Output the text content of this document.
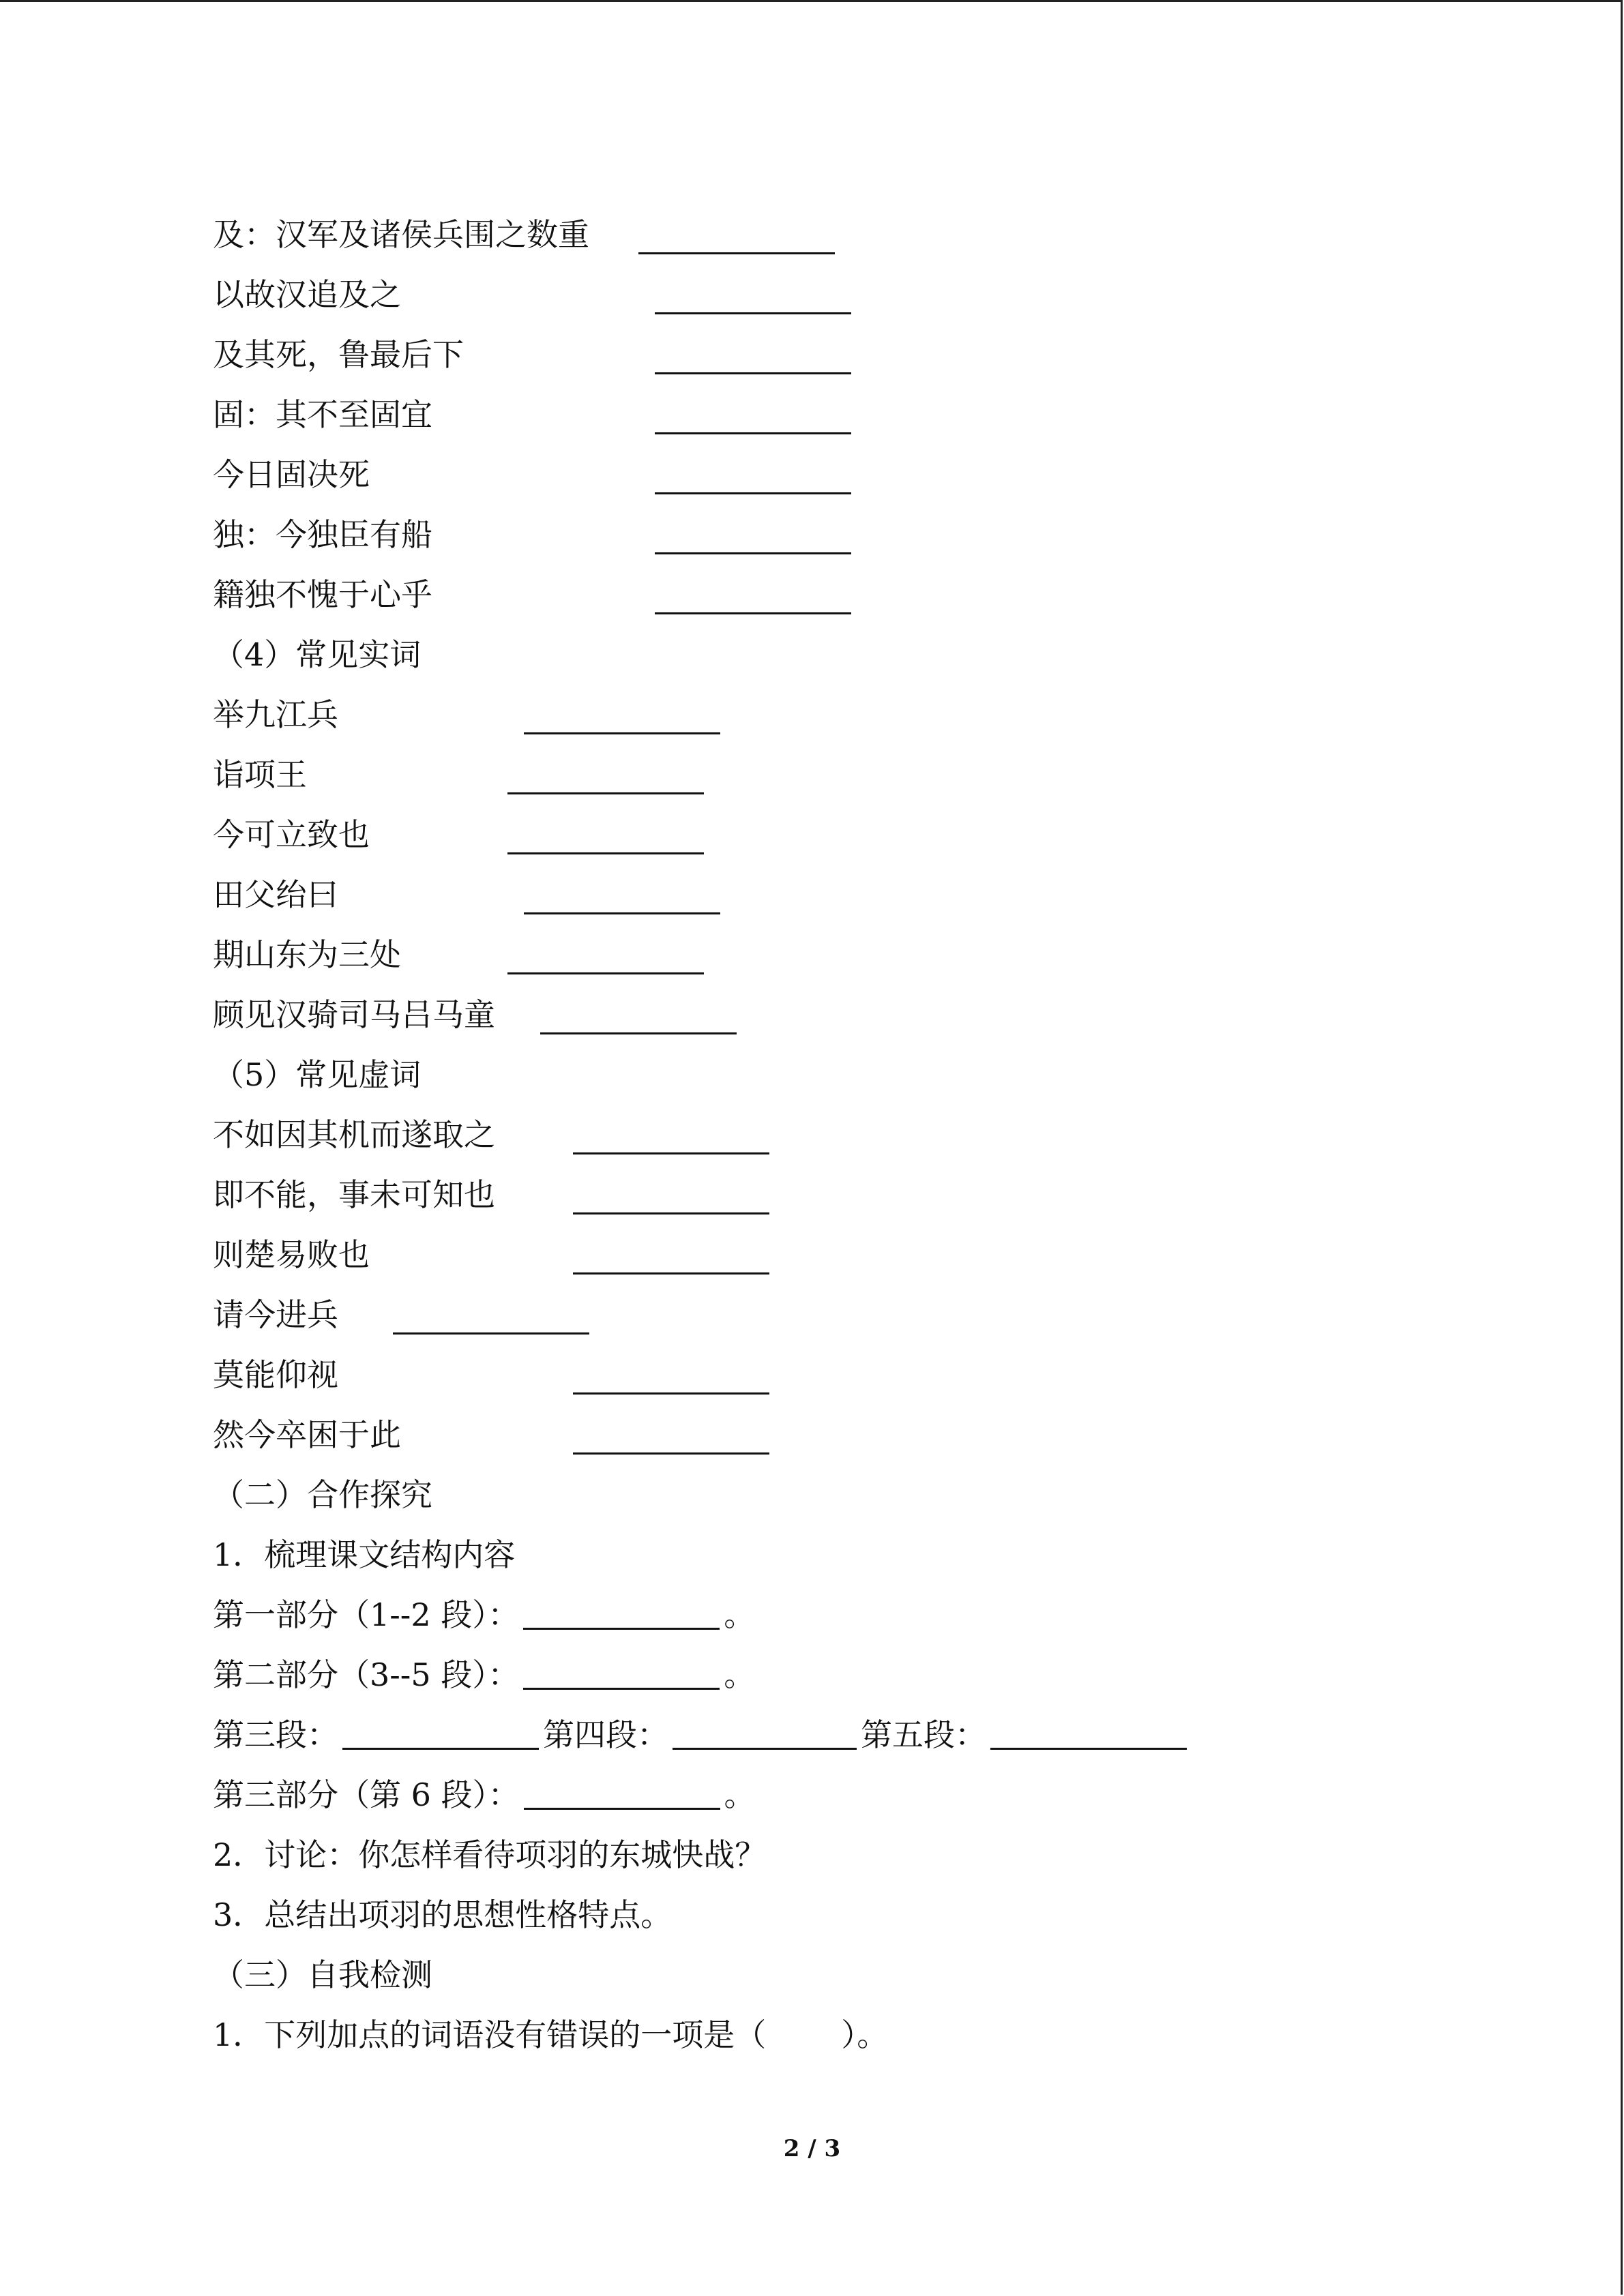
及：汉军及诸侯兵围之数重
以故汉追及之
及其死，鲁最后下
固：其不至固宜
今日固决死
独：今独臣有船
籍独不愧于心乎
（4）常见实词
举九江兵
诣项王
今可立致也
田父绐曰
期山东为三处
顾见汉骑司马吕马童
（5）常见虚词
不如因其机而遂取之
即不能，事未可知也
则楚易败也
请今进兵
莫能仰视
然今卒困于此
（二）合作探究
1．梳理课文结构内容
第一部分（1--2 段）：	。
第二部分（3--5 段）：	。
第三段：	第四段：	第五段：
第三部分（第 6 段）：	。
2．讨论：你怎样看待项羽的东城快战？
3．总结出项羽的思想性格特点。
（三）自我检测
1．下列加点的词语没有错误的一项是（ ）。
2 / 3
